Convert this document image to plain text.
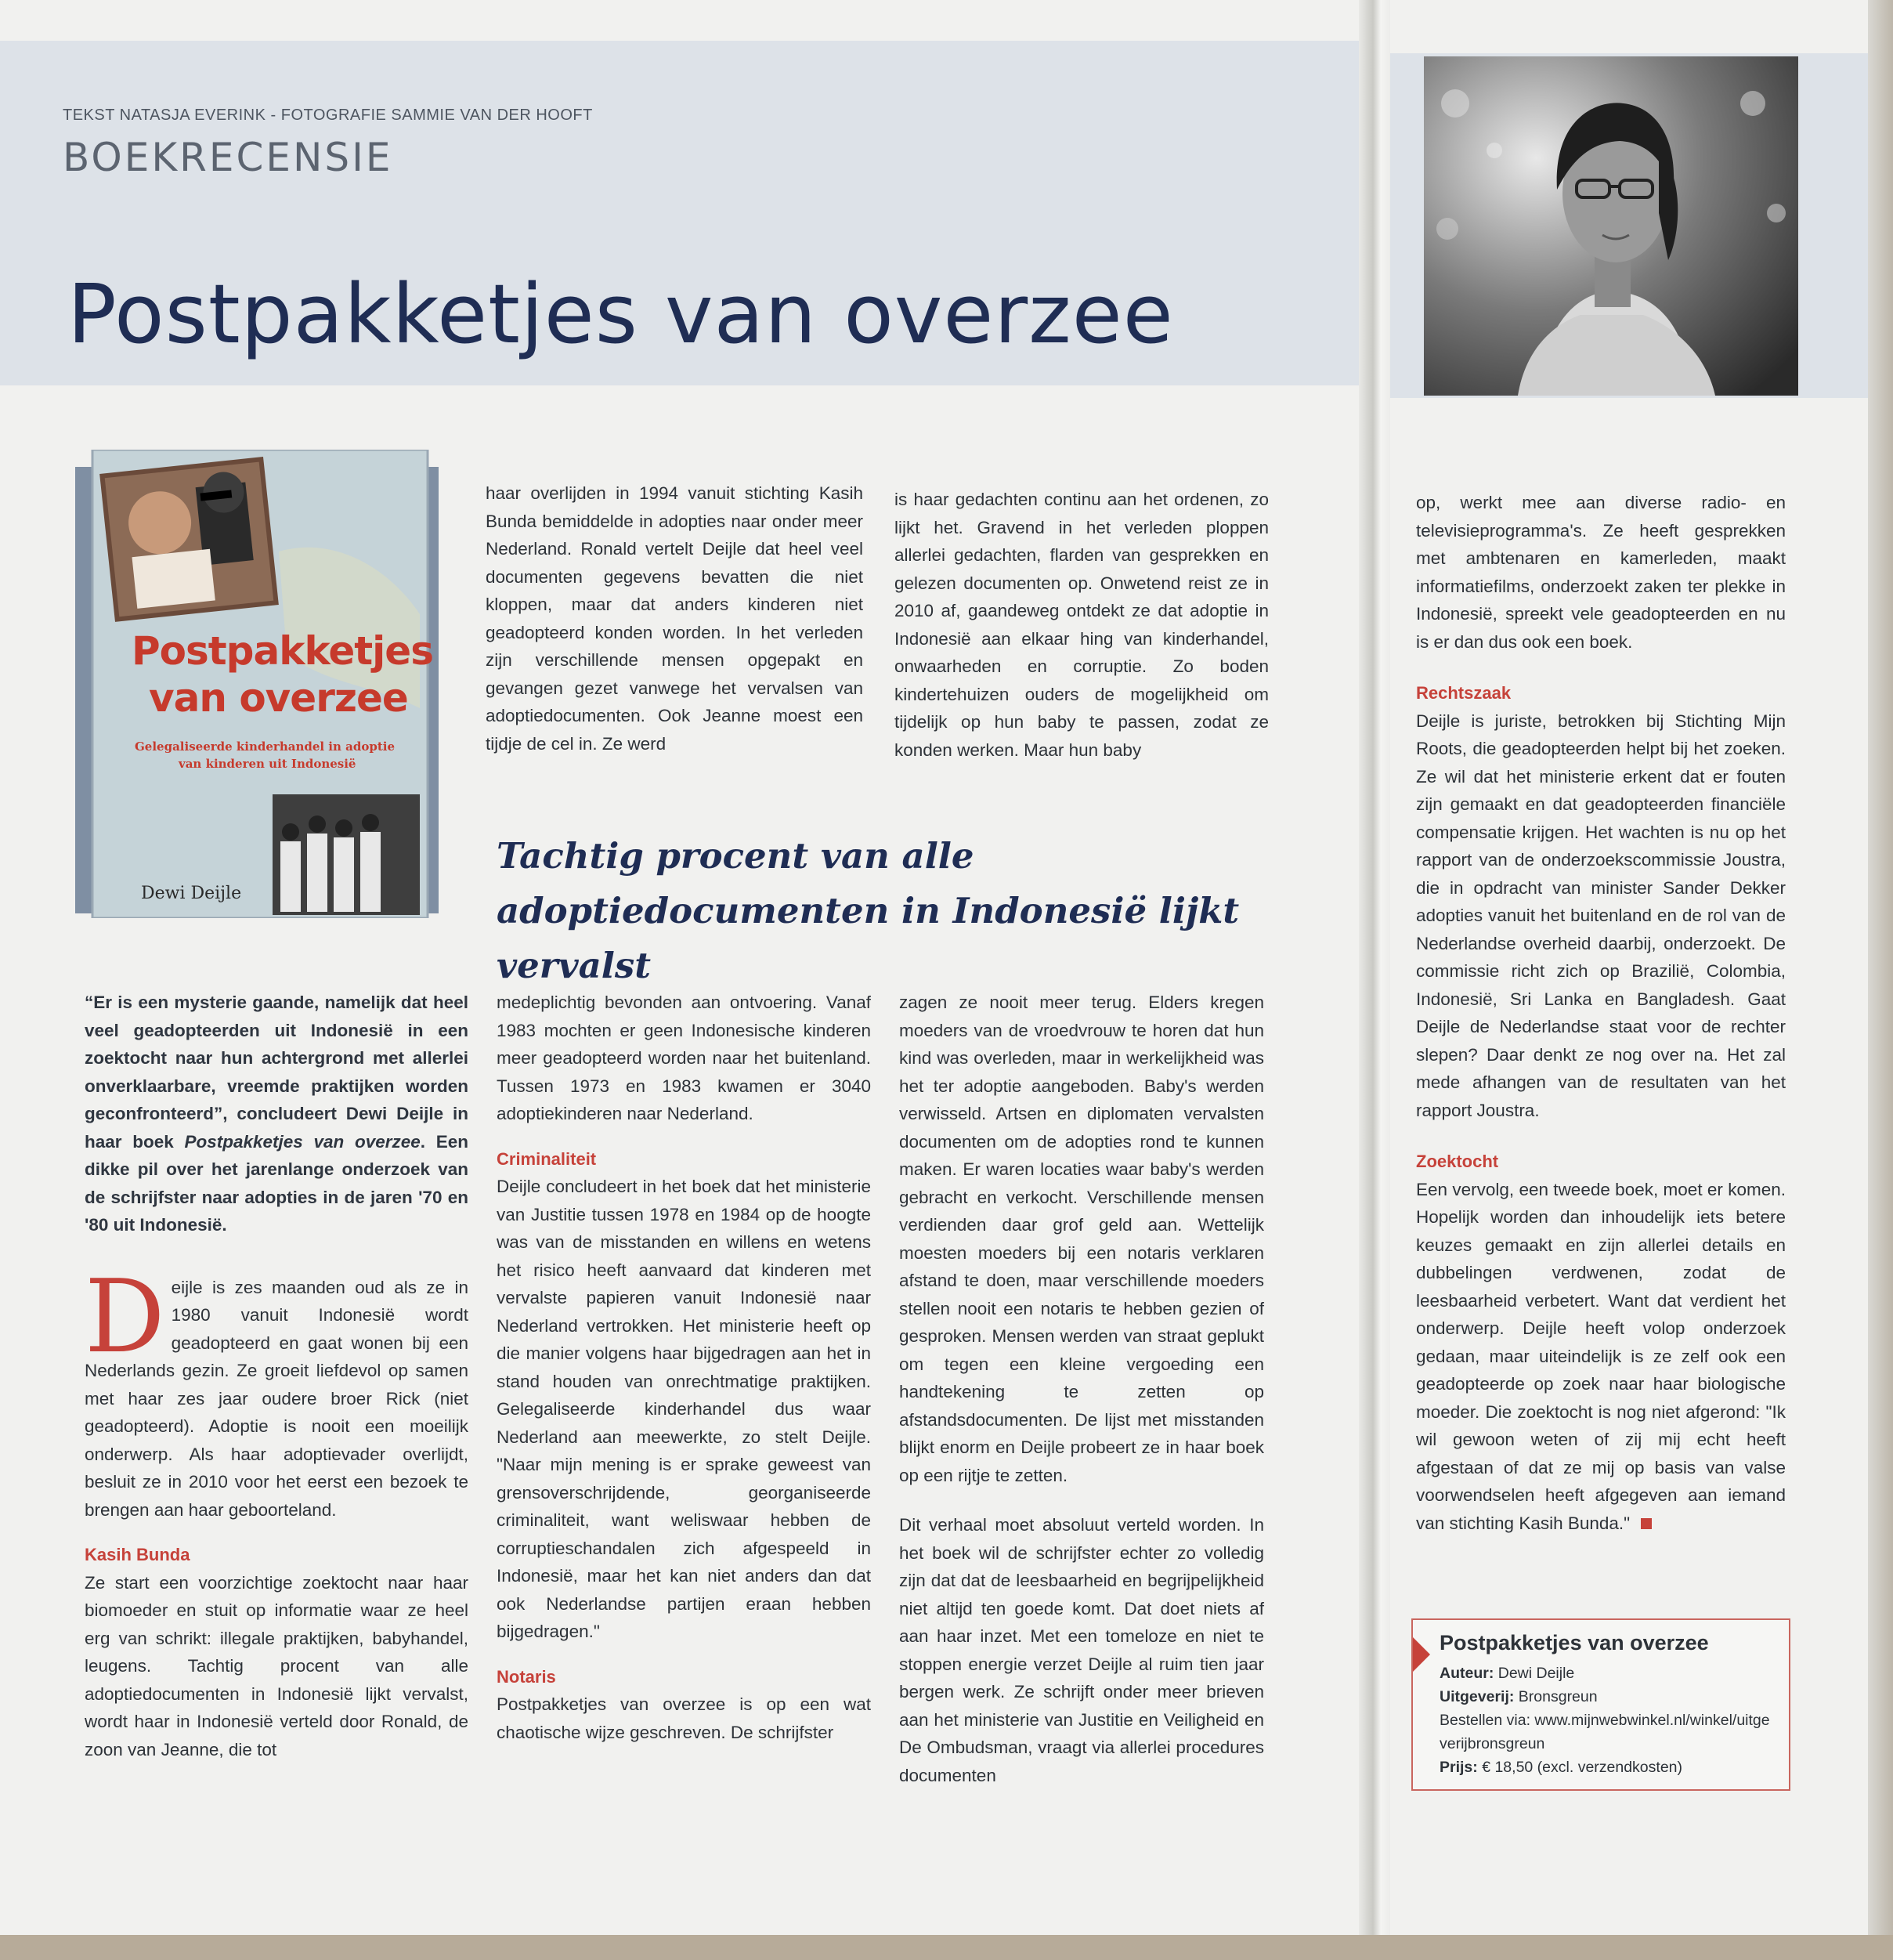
TEKST NATASJA EVERINK - FOTOGRAFIE SAMMIE VAN DER HOOFT
BOEKRECENSIE
Postpakketjes van overzee
Postpakketjes
van overzee
Gelegaliseerde kinderhandel in adoptie
van kinderen uit Indonesië
Dewi Deijle

haar overlijden in 1994 vanuit stichting Kasih Bunda bemiddelde in adopties naar onder meer Nederland. Ronald vertelt Deijle dat heel veel documenten gegevens bevatten die niet kloppen, maar dat anders kinderen niet geadopteerd konden worden. In het verleden zijn verschillende mensen opgepakt en gevangen gezet vanwege het vervalsen van adoptiedocumenten. Ook Jeanne moest een tijdje de cel in. Ze werd

is haar gedachten continu aan het ordenen, zo lijkt het. Gravend in het verleden ploppen allerlei gedachten, flarden van gesprekken en gelezen documenten op. Onwetend reist ze in 2010 af, gaandeweg ontdekt ze dat adoptie in Indonesië aan elkaar hing van kinderhandel, onwaarheden en corruptie. Zo boden kindertehuizen ouders de mogelijkheid om tijdelijk op hun baby te passen, zodat ze konden werken. Maar hun baby

Tachtig procent van alle adoptiedocumenten in Indonesië lijkt vervalst

“Er is een mysterie gaande, namelijk dat heel veel geadopteerden uit Indonesië in een zoektocht naar hun achtergrond met allerlei onverklaarbare, vreemde praktijken worden geconfronteerd”, concludeert Dewi Deijle in haar boek Postpakketjes van overzee. Een dikke pil over het jarenlange onderzoek van de schrijfster naar adopties in de jaren '70 en '80 uit Indonesië.

Deijle is zes maanden oud als ze in 1980 vanuit Indonesië wordt geadopteerd en gaat wonen bij een Nederlands gezin. Ze groeit liefdevol op samen met haar zes jaar oudere broer Rick (niet geadopteerd). Adoptie is nooit een moeilijk onderwerp. Als haar adoptievader overlijdt, besluit ze in 2010 voor het eerst een bezoek te brengen aan haar geboorteland.

Kasih Bunda

Ze start een voorzichtige zoektocht naar haar biomoeder en stuit op informatie waar ze heel erg van schrikt: illegale praktijken, babyhandel, leugens. Tachtig procent van alle adoptiedocumenten in Indonesië lijkt vervalst, wordt haar in Indonesië verteld door Ronald, de zoon van Jeanne, die tot

medeplichtig bevonden aan ontvoering. Vanaf 1983 mochten er geen Indonesische kinderen meer geadopteerd worden naar het buitenland. Tussen 1973 en 1983 kwamen er 3040 adoptiekinderen naar Nederland.

Criminaliteit

Deijle concludeert in het boek dat het ministerie van Justitie tussen 1978 en 1984 op de hoogte was van de misstanden en willens en wetens het risico heeft aanvaard dat kinderen met vervalste papieren vanuit Indonesië naar Nederland vertrokken. Het ministerie heeft op die manier volgens haar bijgedragen aan het in stand houden van onrechtmatige praktijken. Gelegaliseerde kinderhandel dus waar Nederland aan meewerkte, zo stelt Deijle. "Naar mijn mening is er sprake geweest van grensoverschrijdende, georganiseerde criminaliteit, want weliswaar hebben de corruptieschandalen zich afgespeeld in Indonesië, maar het kan niet anders dan dat ook Nederlandse partijen eraan hebben bijgedragen."

Notaris

Postpakketjes van overzee is op een wat chaotische wijze geschreven. De schrijfster

zagen ze nooit meer terug. Elders kregen moeders van de vroedvrouw te horen dat hun kind was overleden, maar in werkelijkheid was het ter adoptie aangeboden. Baby's werden verwisseld. Artsen en diplomaten vervalsten documenten om de adopties rond te kunnen maken. Er waren locaties waar baby's werden gebracht en verkocht. Verschillende mensen verdienden daar grof geld aan. Wettelijk moesten moeders bij een notaris verklaren afstand te doen, maar verschillende moeders stellen nooit een notaris te hebben gezien of gesproken. Mensen werden van straat geplukt om tegen een kleine vergoeding een handtekening te zetten op afstandsdocumenten. De lijst met misstanden blijkt enorm en Deijle probeert ze in haar boek op een rijtje te zetten.

Dit verhaal moet absoluut verteld worden. In het boek wil de schrijfster echter zo volledig zijn dat dat de leesbaarheid en begrijpelijkheid niet altijd ten goede komt. Dat doet niets af aan haar inzet. Met een tomeloze en niet te stoppen energie verzet Deijle al ruim tien jaar bergen werk. Ze schrijft onder meer brieven aan het ministerie van Justitie en Veiligheid en De Ombudsman, vraagt via allerlei procedures documenten

op, werkt mee aan diverse radio- en televisieprogramma's. Ze heeft gesprekken met ambtenaren en kamerleden, maakt informatiefilms, onderzoekt zaken ter plekke in Indonesië, spreekt vele geadopteerden en nu is er dan dus ook een boek.

Rechtszaak

Deijle is juriste, betrokken bij Stichting Mijn Roots, die geadopteerden helpt bij het zoeken. Ze wil dat het ministerie erkent dat er fouten zijn gemaakt en dat geadopteerden financiële compensatie krijgen. Het wachten is nu op het rapport van de onderzoekscommissie Joustra, die in opdracht van minister Sander Dekker adopties vanuit het buitenland en de rol van de Nederlandse overheid daarbij, onderzoekt. De commissie richt zich op Brazilië, Colombia, Indonesië, Sri Lanka en Bangladesh. Gaat Deijle de Nederlandse staat voor de rechter slepen? Daar denkt ze nog over na. Het zal mede afhangen van de resultaten van het rapport Joustra.

Zoektocht

Een vervolg, een tweede boek, moet er komen. Hopelijk worden dan inhoudelijk iets betere keuzes gemaakt en zijn allerlei details en dubbelingen verdwenen, zodat de leesbaarheid verbetert. Want dat verdient het onderwerp. Deijle heeft volop onderzoek gedaan, maar uiteindelijk is ze zelf ook een geadopteerde op zoek naar haar biologische moeder. Die zoektocht is nog niet afgerond: "Ik wil gewoon weten of zij mij echt heeft afgestaan of dat ze mij op basis van valse voorwendselen heeft afgegeven aan iemand van stichting Kasih Bunda."

Postpakketjes van overzee
Auteur: Dewi Deijle
Uitgeverij: Bronsgreun
Bestellen via: www.mijnwebwinkel.nl/winkel/uitgeverijbronsgreun
Prijs: € 18,50 (excl. verzendkosten)
